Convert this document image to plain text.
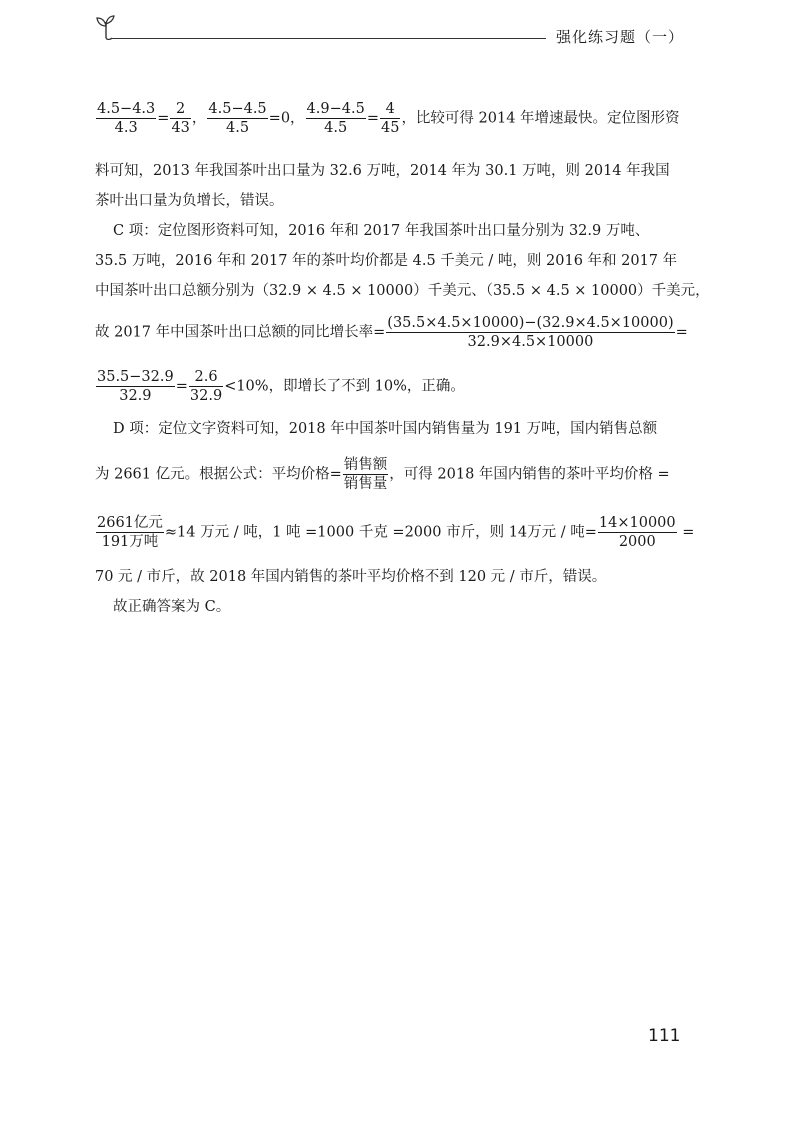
强化练习题（一）
$\frac{4.5-4.3}{4.3} = \frac{2}{43}$ ， $\frac{4.5-4.5}{4.5} =0$， $\frac{4.9-4.5}{4.5} = \frac{4}{45}$ ，比较可得 2014 年增速最快。定位图形资
料可知，2013 年我国茶叶出口量为 32.6 万吨，2014 年为 30.1 万吨，则 2014 年我国
茶叶出口量为负增长，错误。
C 项：定位图形资料可知，2016 年和 2017 年我国茶叶出口量分别为 32.9 万吨、
35.5 万吨，2016 年和 2017 年的茶叶均价都是 4.5 千美元 / 吨，则 2016 年和 2017 年
中国茶叶出口总额分别为（32.9 × 4.5 × 10000）千美元、（35.5 × 4.5 × 10000）千美元，
故 2017 年中国茶叶出口总额的同比增长率= $\frac{(35.5\times 4.5\times 10000)-(32.9\times 4.5\times 10000)}{32.9\times 4.5\times 10000}$ =
$\frac{35.5-32.9}{32.9} = \frac{2.6}{32.9} <10\%$，即增长了不到 10%，正确。
D 项：定位文字资料可知，2018 年中国茶叶国内销售量为 191 万吨，国内销售总额
为 2661 亿元。根据公式：平均价格= $\frac{\text{销售额}}{\text{销售量}}$ ，可得 2018 年国内销售的茶叶平均价格 =
$\frac{\text{2661亿元}}{\text{191万吨}} \approx 14$ 万元 / 吨，1 吨 =1000 千克 =2000 市斤，则 14万元 / 吨= $\frac{14\times 10000}{2000}$ =
70 元 / 市斤，故 2018 年国内销售的茶叶平均价格不到 120 元 / 市斤，错误。
故正确答案为 C。
111
